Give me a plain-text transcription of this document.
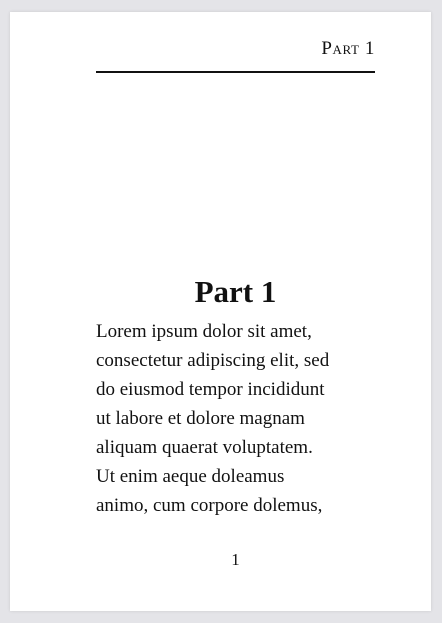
Part 1
Part 1

Lorem ipsum dolor sit amet,
consectetur adipiscing elit, sed
do eiusmod tempor incididunt
ut labore et dolore magnam
aliquam quaerat voluptatem.
Ut enim aeque doleamus
animo, cum corpore dolemus,

1
